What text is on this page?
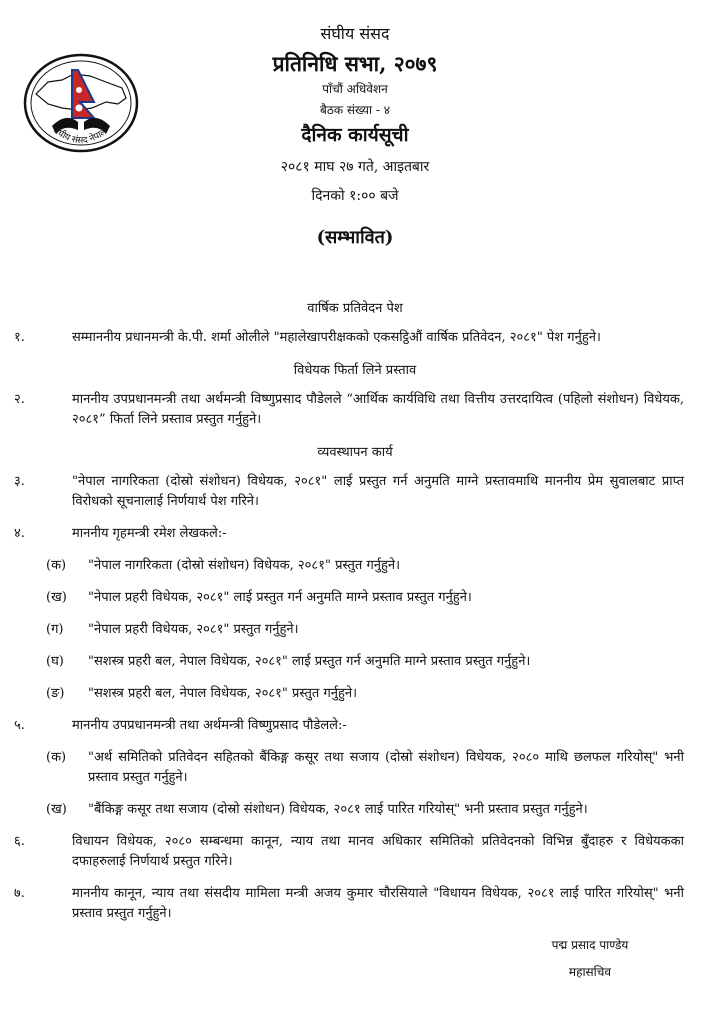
संघीय संसद नेपाल
संघीय संसद
प्रतिनिधि सभा, २०७९
पाँचौं अधिवेशन
बैठक संख्या - ४
दैनिक कार्यसूची
२०८१ माघ २७ गते, आइतबार
दिनको १:०० बजे
(सम्भावित)
वार्षिक प्रतिवेदन पेश
१.	सम्माननीय प्रधानमन्त्री के.पी. शर्मा ओलीले "महालेखापरीक्षकको एकसट्ठिऔं वार्षिक प्रतिवेदन, २०८१" पेश गर्नुहुने।
विधेयक फिर्ता लिने प्रस्ताव
२.	माननीय उपप्रधानमन्त्री तथा अर्थमन्त्री विष्णुप्रसाद पौडेलले “आर्थिक कार्यविधि तथा वित्तीय उत्तरदायित्व (पहिलो संशोधन) विधेयक, २०८१” फिर्ता लिने प्रस्ताव प्रस्तुत गर्नुहुने।
व्यवस्थापन कार्य
३.	"नेपाल नागरिकता (दोस्रो संशोधन) विधेयक, २०८१" लाई प्रस्तुत गर्न अनुमति माग्ने प्रस्तावमाथि माननीय प्रेम सुवालबाट प्राप्त विरोधको सूचनालाई निर्णयार्थ पेश गरिने।
४.	माननीय गृहमन्त्री रमेश लेखकले:-
(क) "नेपाल नागरिकता (दोस्रो संशोधन) विधेयक, २०८१" प्रस्तुत गर्नुहुने।
(ख) "नेपाल प्रहरी विधेयक, २०८१" लाई प्रस्तुत गर्न अनुमति माग्ने प्रस्ताव प्रस्तुत गर्नुहुने।
(ग) "नेपाल प्रहरी विधेयक, २०८१" प्रस्तुत गर्नुहुने।
(घ) "सशस्त्र प्रहरी बल, नेपाल विधेयक, २०८१" लाई प्रस्तुत गर्न अनुमति माग्ने प्रस्ताव प्रस्तुत गर्नुहुने।
(ङ) "सशस्त्र प्रहरी बल, नेपाल विधेयक, २०८१" प्रस्तुत गर्नुहुने।
५.	माननीय उपप्रधानमन्त्री तथा अर्थमन्त्री विष्णुप्रसाद पौडेलले:-
(क) "अर्थ समितिको प्रतिवेदन सहितको बैंकिङ्ग कसूर तथा सजाय (दोस्रो संशोधन) विधेयक, २०८० माथि छलफल गरियोस्" भनी प्रस्ताव प्रस्तुत गर्नुहुने।
(ख) "बैंकिङ्ग कसूर तथा सजाय (दोस्रो संशोधन) विधेयक, २०८१ लाई पारित गरियोस्" भनी प्रस्ताव प्रस्तुत गर्नुहुने।
६.	विधायन विधेयक, २०८० सम्बन्धमा कानून, न्याय तथा मानव अधिकार समितिको प्रतिवेदनको विभिन्न बुँदाहरु र विधेयकका दफाहरुलाई निर्णयार्थ प्रस्तुत गरिने।
७.	माननीय कानून, न्याय तथा संसदीय मामिला मन्त्री अजय कुमार चौरसियाले "विधायन विधेयक, २०८१ लाई पारित गरियोस्" भनी प्रस्ताव प्रस्तुत गर्नुहुने।
पद्म प्रसाद पाण्डेय
महासचिव
